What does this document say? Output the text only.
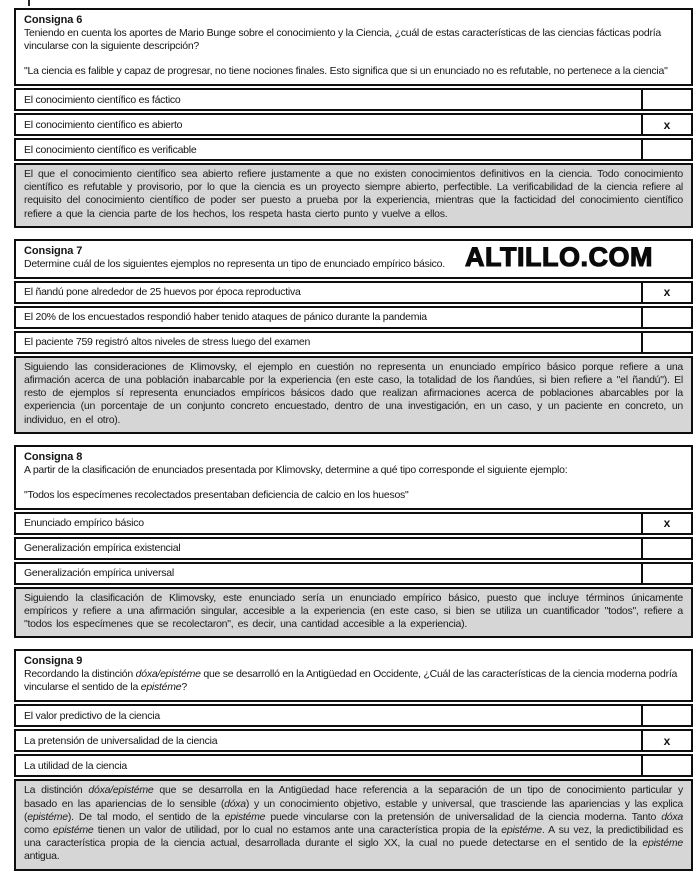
Consigna 6
Teniendo en cuenta los aportes de Mario Bunge sobre el conocimiento y la Ciencia, ¿cuál de estas características de las ciencias fácticas podría vincularse con la siguiente descripción?
"La ciencia es falible y capaz de progresar, no tiene nociones finales. Esto significa que si un enunciado no es refutable, no pertenece a la ciencia"
El conocimiento científico es fáctico
El conocimiento científico es abierto	x
El conocimiento científico es verificable
El que el conocimiento científico sea abierto refiere justamente a que no existen conocimientos definitivos en la ciencia. Todo conocimiento científico es refutable y provisorio, por lo que la ciencia es un proyecto siempre abierto, perfectible. La verificabilidad de la ciencia refiere al requisito del conocimiento científico de poder ser puesto a prueba por la experiencia, mientras que la facticidad del conocimiento científico refiere a que la ciencia parte de los hechos, los respeta hasta cierto punto y vuelve a ellos.
Consigna 7
Determine cuál de los siguientes ejemplos no representa un tipo de enunciado empírico básico. ALTILLO.COM
El ñandú pone alrededor de 25 huevos por época reproductiva	x
El 20% de los encuestados respondió haber tenido ataques de pánico durante la pandemia
El paciente 759 registró altos niveles de stress luego del examen
Siguiendo las consideraciones de Klimovsky, el ejemplo en cuestión no representa un enunciado empírico básico porque refiere a una afirmación acerca de una población inabarcable por la experiencia (en este caso, la totalidad de los ñandúes, si bien refiere a "el ñandú"). El resto de ejemplos sí representa enunciados empíricos básicos dado que realizan afirmaciones acerca de poblaciones abarcables por la experiencia (un porcentaje de un conjunto concreto encuestado, dentro de una investigación, en un caso, y un paciente en concreto, un individuo, en el otro).
Consigna 8
A partir de la clasificación de enunciados presentada por Klimovsky, determine a qué tipo corresponde el siguiente ejemplo:
"Todos los especímenes recolectados presentaban deficiencia de calcio en los huesos"
Enunciado empírico básico	x
Generalización empírica existencial
Generalización empírica universal
Siguiendo la clasificación de Klimovsky, este enunciado sería un enunciado empírico básico, puesto que incluye términos únicamente empíricos y refiere a una afirmación singular, accesible a la experiencia (en este caso, si bien se utiliza un cuantificador "todos", refiere a "todos los especímenes que se recolectaron", es decir, una cantidad accesible a la experiencia).
Consigna 9
Recordando la distinción dóxa/epistéme que se desarrolló en la Antigüedad en Occidente, ¿Cuál de las características de la ciencia moderna podría vincularse el sentido de la epistéme?
El valor predictivo de la ciencia
La pretensión de universalidad de la ciencia	x
La utilidad de la ciencia
La distinción dóxa/epistéme que se desarrolla en la Antigüedad hace referencia a la separación de un tipo de conocimiento particular y basado en las apariencias de lo sensible (dóxa) y un conocimiento objetivo, estable y universal, que trasciende las apariencias y las explica (epistéme). De tal modo, el sentido de la epistéme puede vincularse con la pretensión de universalidad de la ciencia moderna. Tanto dóxa como epistéme tienen un valor de utilidad, por lo cual no estamos ante una característica propia de la epistéme. A su vez, la predictibilidad es una característica propia de la ciencia actual, desarrollada durante el siglo XX, la cual no puede detectarse en el sentido de la epistéme antigua.
